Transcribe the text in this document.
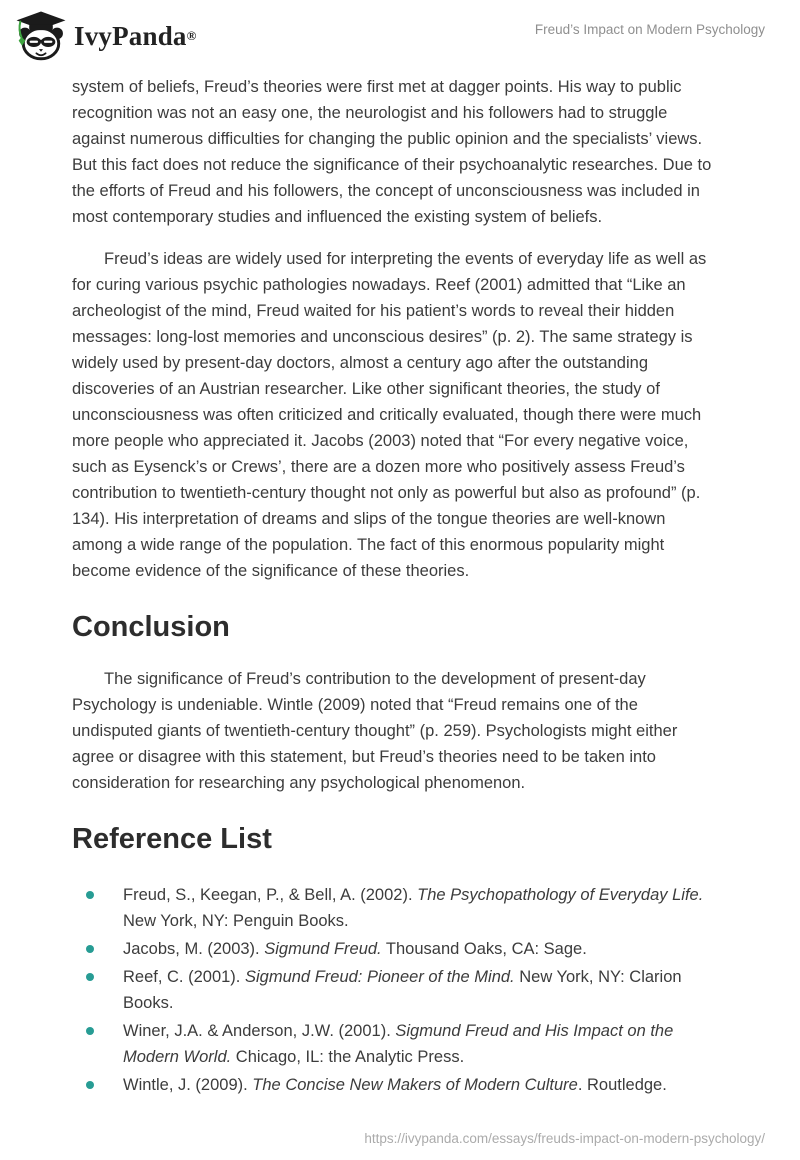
IvyPanda ®	Freud’s Impact on Modern Psychology

system of beliefs, Freud’s theories were first met at dagger points. His way to public recognition was not an easy one, the neurologist and his followers had to struggle against numerous difficulties for changing the public opinion and the specialists’ views. But this fact does not reduce the significance of their psychoanalytic researches. Due to the efforts of Freud and his followers, the concept of unconsciousness was included in most contemporary studies and influenced the existing system of beliefs.

Freud’s ideas are widely used for interpreting the events of everyday life as well as for curing various psychic pathologies nowadays. Reef (2001) admitted that “Like an archeologist of the mind, Freud waited for his patient’s words to reveal their hidden messages: long-lost memories and unconscious desires” (p. 2). The same strategy is widely used by present-day doctors, almost a century ago after the outstanding discoveries of an Austrian researcher. Like other significant theories, the study of unconsciousness was often criticized and critically evaluated, though there were much more people who appreciated it. Jacobs (2003) noted that “For every negative voice, such as Eysenck’s or Crews’, there are a dozen more who positively assess Freud’s contribution to twentieth-century thought not only as powerful but also as profound” (p. 134). His interpretation of dreams and slips of the tongue theories are well-known among a wide range of the population. The fact of this enormous popularity might become evidence of the significance of these theories.

Conclusion

The significance of Freud’s contribution to the development of present-day Psychology is undeniable. Wintle (2009) noted that “Freud remains one of the undisputed giants of twentieth-century thought” (p. 259). Psychologists might either agree or disagree with this statement, but Freud’s theories need to be taken into consideration for researching any psychological phenomenon.

Reference List
Freud, S., Keegan, P., & Bell, A. (2002). The Psychopathology of Everyday Life. New York, NY: Penguin Books.
Jacobs, M. (2003). Sigmund Freud. Thousand Oaks, CA: Sage.
Reef, C. (2001). Sigmund Freud: Pioneer of the Mind. New York, NY: Clarion Books.
Winer, J.A. & Anderson, J.W. (2001). Sigmund Freud and His Impact on the Modern World. Chicago, IL: the Analytic Press.
Wintle, J. (2009). The Concise New Makers of Modern Culture. Routledge.
https://ivypanda.com/essays/freuds-impact-on-modern-psychology/
